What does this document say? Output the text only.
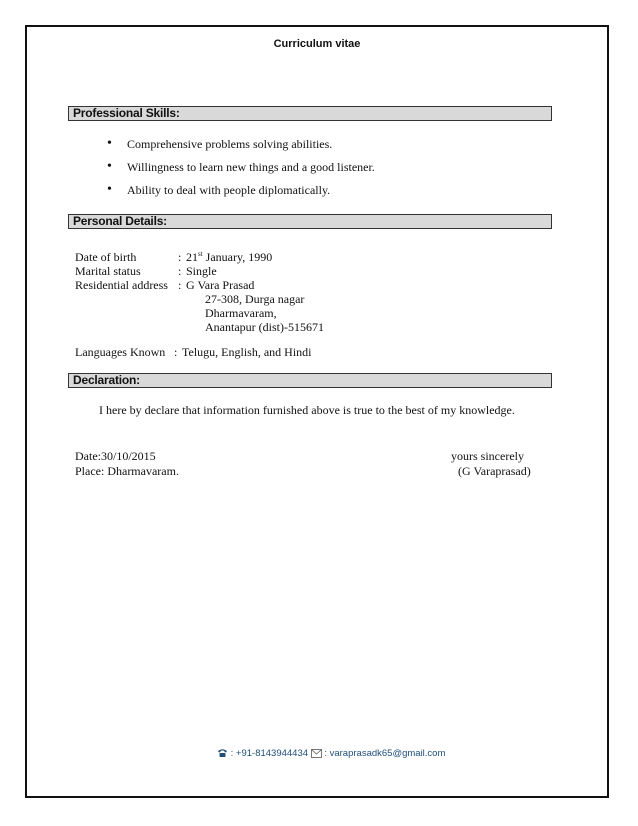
Curriculum vitae
Professional Skills:
• Comprehensive problems solving abilities.
• Willingness to learn new things and a good listener.
• Ability to deal with people diplomatically.
Personal Details:
Date of birth	: 21st January, 1990
Marital status	: Single
Residential address : G Vara Prasad
27-308, Durga nagar
Dharmavaram,
Anantapur (dist)-515671
Languages Known : Telugu, English, and Hindi
Declaration:
I here by declare that information furnished above is true to the best of my knowledge.
Date:30/10/2015
Place: Dharmavaram.
yours sincerely
(G Varaprasad)
: +91-8143944434 : varaprasadk65@gmail.com
